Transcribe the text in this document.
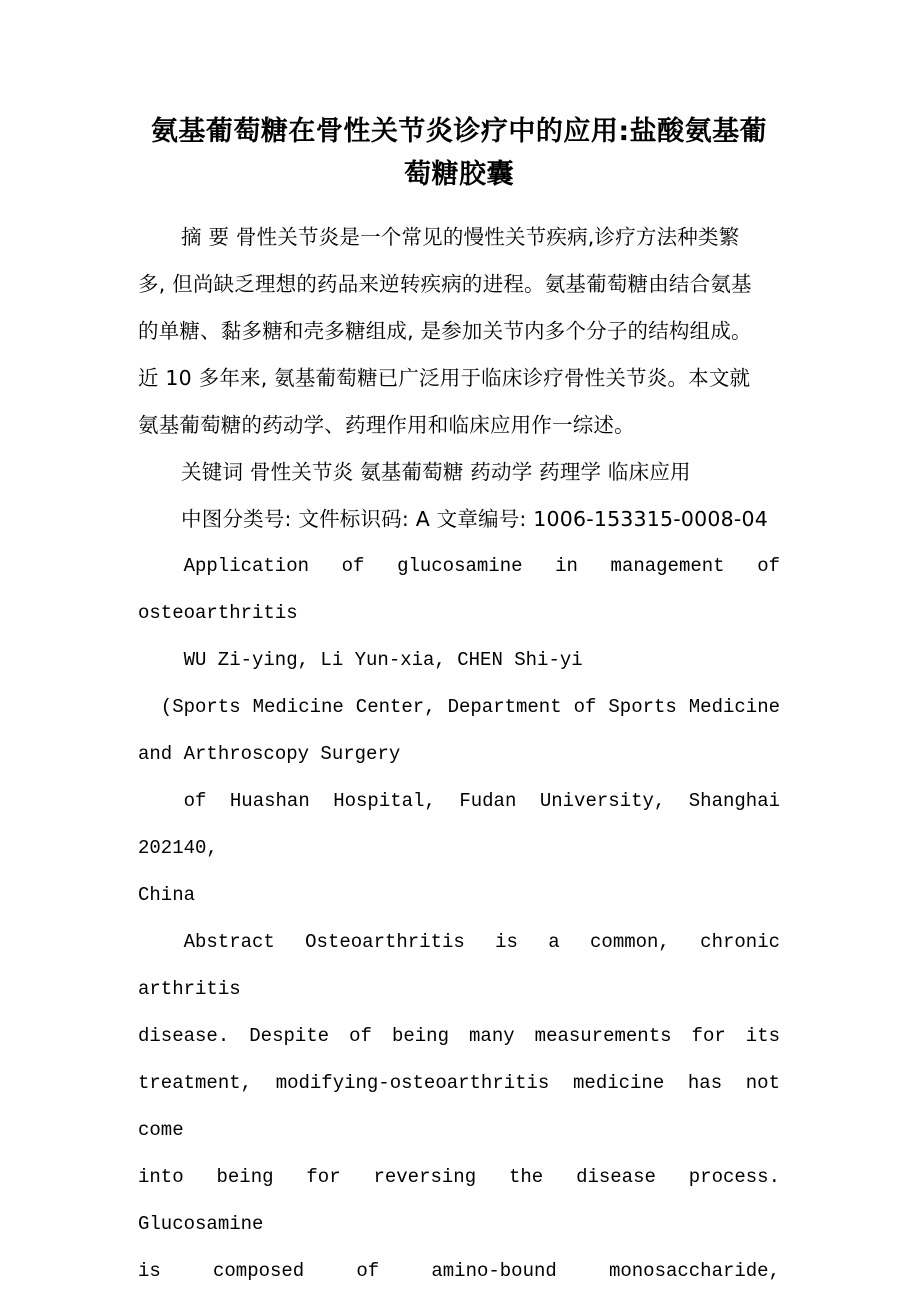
氨基葡萄糖在骨性关节炎诊疗中的应用:盐酸氨基葡萄糖胶囊

摘 要 骨性关节炎是一个常见的慢性关节疾病,诊疗方法种类繁

多, 但尚缺乏理想的药品来逆转疾病的进程。氨基葡萄糖由结合氨基

的单糖、黏多糖和壳多糖组成, 是参加关节内多个分子的结构组成。

近 10 多年来, 氨基葡萄糖已广泛用于临床诊疗骨性关节炎。本文就

氨基葡萄糖的药动学、药理作用和临床应用作一综述。

关键词 骨性关节炎 氨基葡萄糖 药动学 药理学 临床应用

中图分类号: 文件标识码: A 文章编号: 1006-153315-0008-04

Application of glucosamine in management of

osteoarthritis

WU Zi-ying, Li Yun-xia, CHEN Shi-yi

(Sports Medicine Center, Department of Sports Medicine

and Arthroscopy Surgery

of Huashan Hospital, Fudan University, Shanghai 202140,

China

Abstract Osteoarthritis is a common, chronic arthritis

disease. Despite of being many measurements for its

treatment, modifying-osteoarthritis medicine has not come

into being for reversing the disease process. Glucosamine

is composed of amino-bound monosaccharide,
